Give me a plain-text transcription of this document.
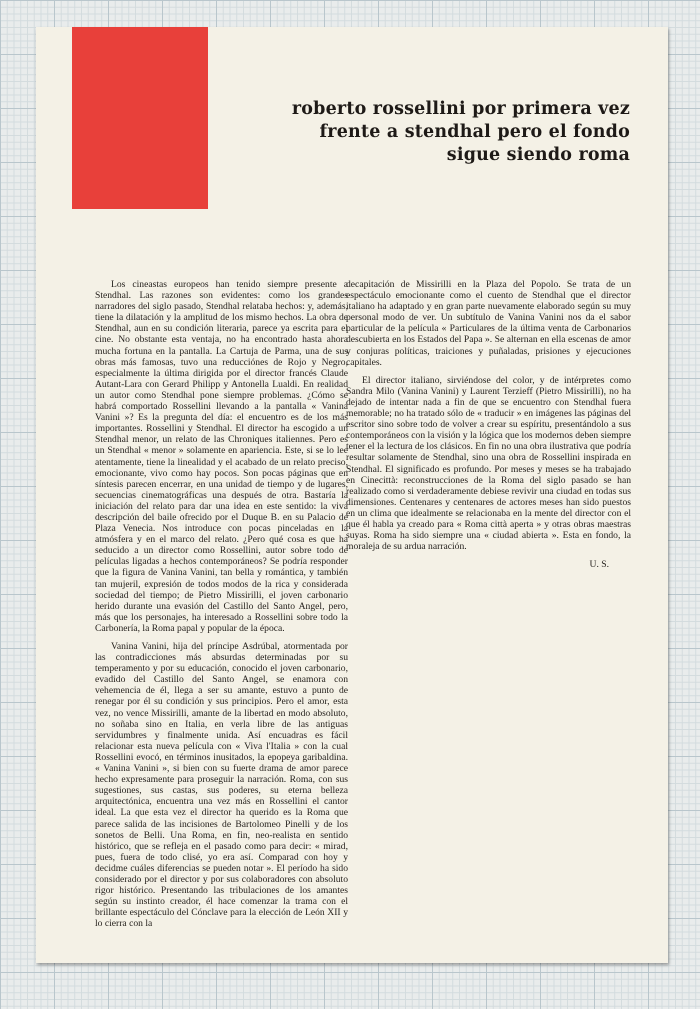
roberto rossellini por primera vez
frente a stendhal pero el fondo
sigue siendo roma

Los cineastas europeos han tenido siempre presente a Stendhal. Las razones son evidentes: como los grandes narradores del siglo pasado, Stendhal relataba hechos: y, además, tiene la dilatación y la amplitud de los mismo hechos. La obra de Stendhal, aun en su condición literaria, parece ya escrita para el cine. No obstante esta ventaja, no ha encontrado hasta ahora mucha fortuna en la pantalla. La Cartuja de Parma, una de sus obras más famosas, tuvo una reducciónes de Rojo y Negro, especialmente la última dirigida por el director francés Claude Autant-Lara con Gerard Philipp y Antonella Lualdi. En realidad un autor como Stendhal pone siempre problemas. ¿Cómo se habrá comportado Rossellini llevando a la pantalla « Vanina Vanini »? Es la pregunta del día: el encuentro es de los más importantes. Rossellini y Stendhal. El director ha escogido a un Stendhal menor, un relato de las Chroniques italiennes. Pero es un Stendhal « menor » solamente en apariencia. Este, si se lo lee atentamente, tiene la linealidad y el acabado de un relato preciso, emocionante, vivo como hay pocos. Son pocas páginas que en síntesis parecen encerrar, en una unidad de tiempo y de lugares, secuencias cinematográficas una después de otra. Bastaría la iniciación del relato para dar una idea en este sentido: la viva descripción del baile ofrecido por el Duque B. en su Palacio de Plaza Venecia. Nos introduce con pocas pinceladas en la atmósfera y en el marco del relato. ¿Pero qué cosa es que ha seducido a un director como Rossellini, autor sobre todo de películas ligadas a hechos contemporáneos? Se podría responder que la figura de Vanina Vanini, tan bella y romántica, y también tan mujeril, expresión de todos modos de la rica y considerada sociedad del tiempo; de Pietro Missirilli, el joven carbonario herido durante una evasión del Castillo del Santo Angel, pero, más que los personajes, ha interesado a Rossellini sobre todo la Carbonería, la Roma papal y popular de la época.

Vanina Vanini, hija del príncipe Asdrúbal, atormentada por las contradicciones más absurdas determinadas por su temperamento y por su educación, conocido el joven carbonario, evadido del Castillo del Santo Angel, se enamora con vehemencia de él, llega a ser su amante, estuvo a punto de renegar por él su condición y sus principios. Pero el amor, esta vez, no vence Missirilli, amante de la libertad en modo absoluto, no soñaba sino en Italia, en verla libre de las antiguas servidumbres y finalmente unida. Así encuadras es fácil relacionar esta nueva película con « Viva l'Italia » con la cual Rossellini evocó, en términos inusitados, la epopeya garibaldina. « Vanina Vanini », si bien con su fuerte drama de amor parece hecho expresamente para proseguir la narración. Roma, con sus sugestiones, sus castas, sus poderes, su eterna belleza arquitectónica, encuentra una vez más en Rossellini el cantor ideal. La que esta vez el director ha querido es la Roma que parece salida de las incisiones de Bartolomeo Pinelli y de los sonetos de Belli. Una Roma, en fin, neo-realista en sentido histórico, que se refleja en el pasado como para decir: « mirad, pues, fuera de todo clisé, yo era así. Comparad con hoy y decidme cuáles diferencias se pueden notar ». El período ha sido considerado por el director y por sus colaboradores con absoluto rigor histórico. Presentando las tribulaciones de los amantes según su instinto creador, él hace comenzar la trama con el brillante espectáculo del Cónclave para la elección de León XII y lo cierra con la

decapitación de Missirilli en la Plaza del Popolo. Se trata de un espectáculo emocionante como el cuento de Stendhal que el director italiano ha adaptado y en gran parte nuevamente elaborado según su muy personal modo de ver. Un subtítulo de Vanina Vanini nos da el sabor particular de la película « Particulares de la última venta de Carbonarios descubierta en los Estados del Papa ». Se alternan en ella escenas de amor y conjuras políticas, traiciones y puñaladas, prisiones y ejecuciones capitales.

El director italiano, sirviéndose del color, y de intérpretes como Sandra Milo (Vanina Vanini) y Laurent Terzieff (Pietro Missirilli), no ha dejado de intentar nada a fin de que se encuentro con Stendhal fuera memorable; no ha tratado sólo de « traducir » en imágenes las páginas del escritor sino sobre todo de volver a crear su espíritu, presentándolo a sus contemporáneos con la visión y la lógica que los modernos deben siempre tener el la lectura de los clásicos. En fin no una obra ilustrativa que podría resultar solamente de Stendhal, sino una obra de Rossellini inspirada en Stendhal. El significado es profundo. Por meses y meses se ha trabajado en Cinecittà: reconstrucciones de la Roma del siglo pasado se han realizado como si verdaderamente debiese revivir una ciudad en todas sus dimensiones. Centenares y centenares de actores meses han sido puestos en un clima que idealmente se relacionaba en la mente del director con el que él habla ya creado para « Roma città aperta » y otras obras maestras suyas. Roma ha sido siempre una « ciudad abierta ». Esta en fondo, la moraleja de su ardua narración.

U. S.
